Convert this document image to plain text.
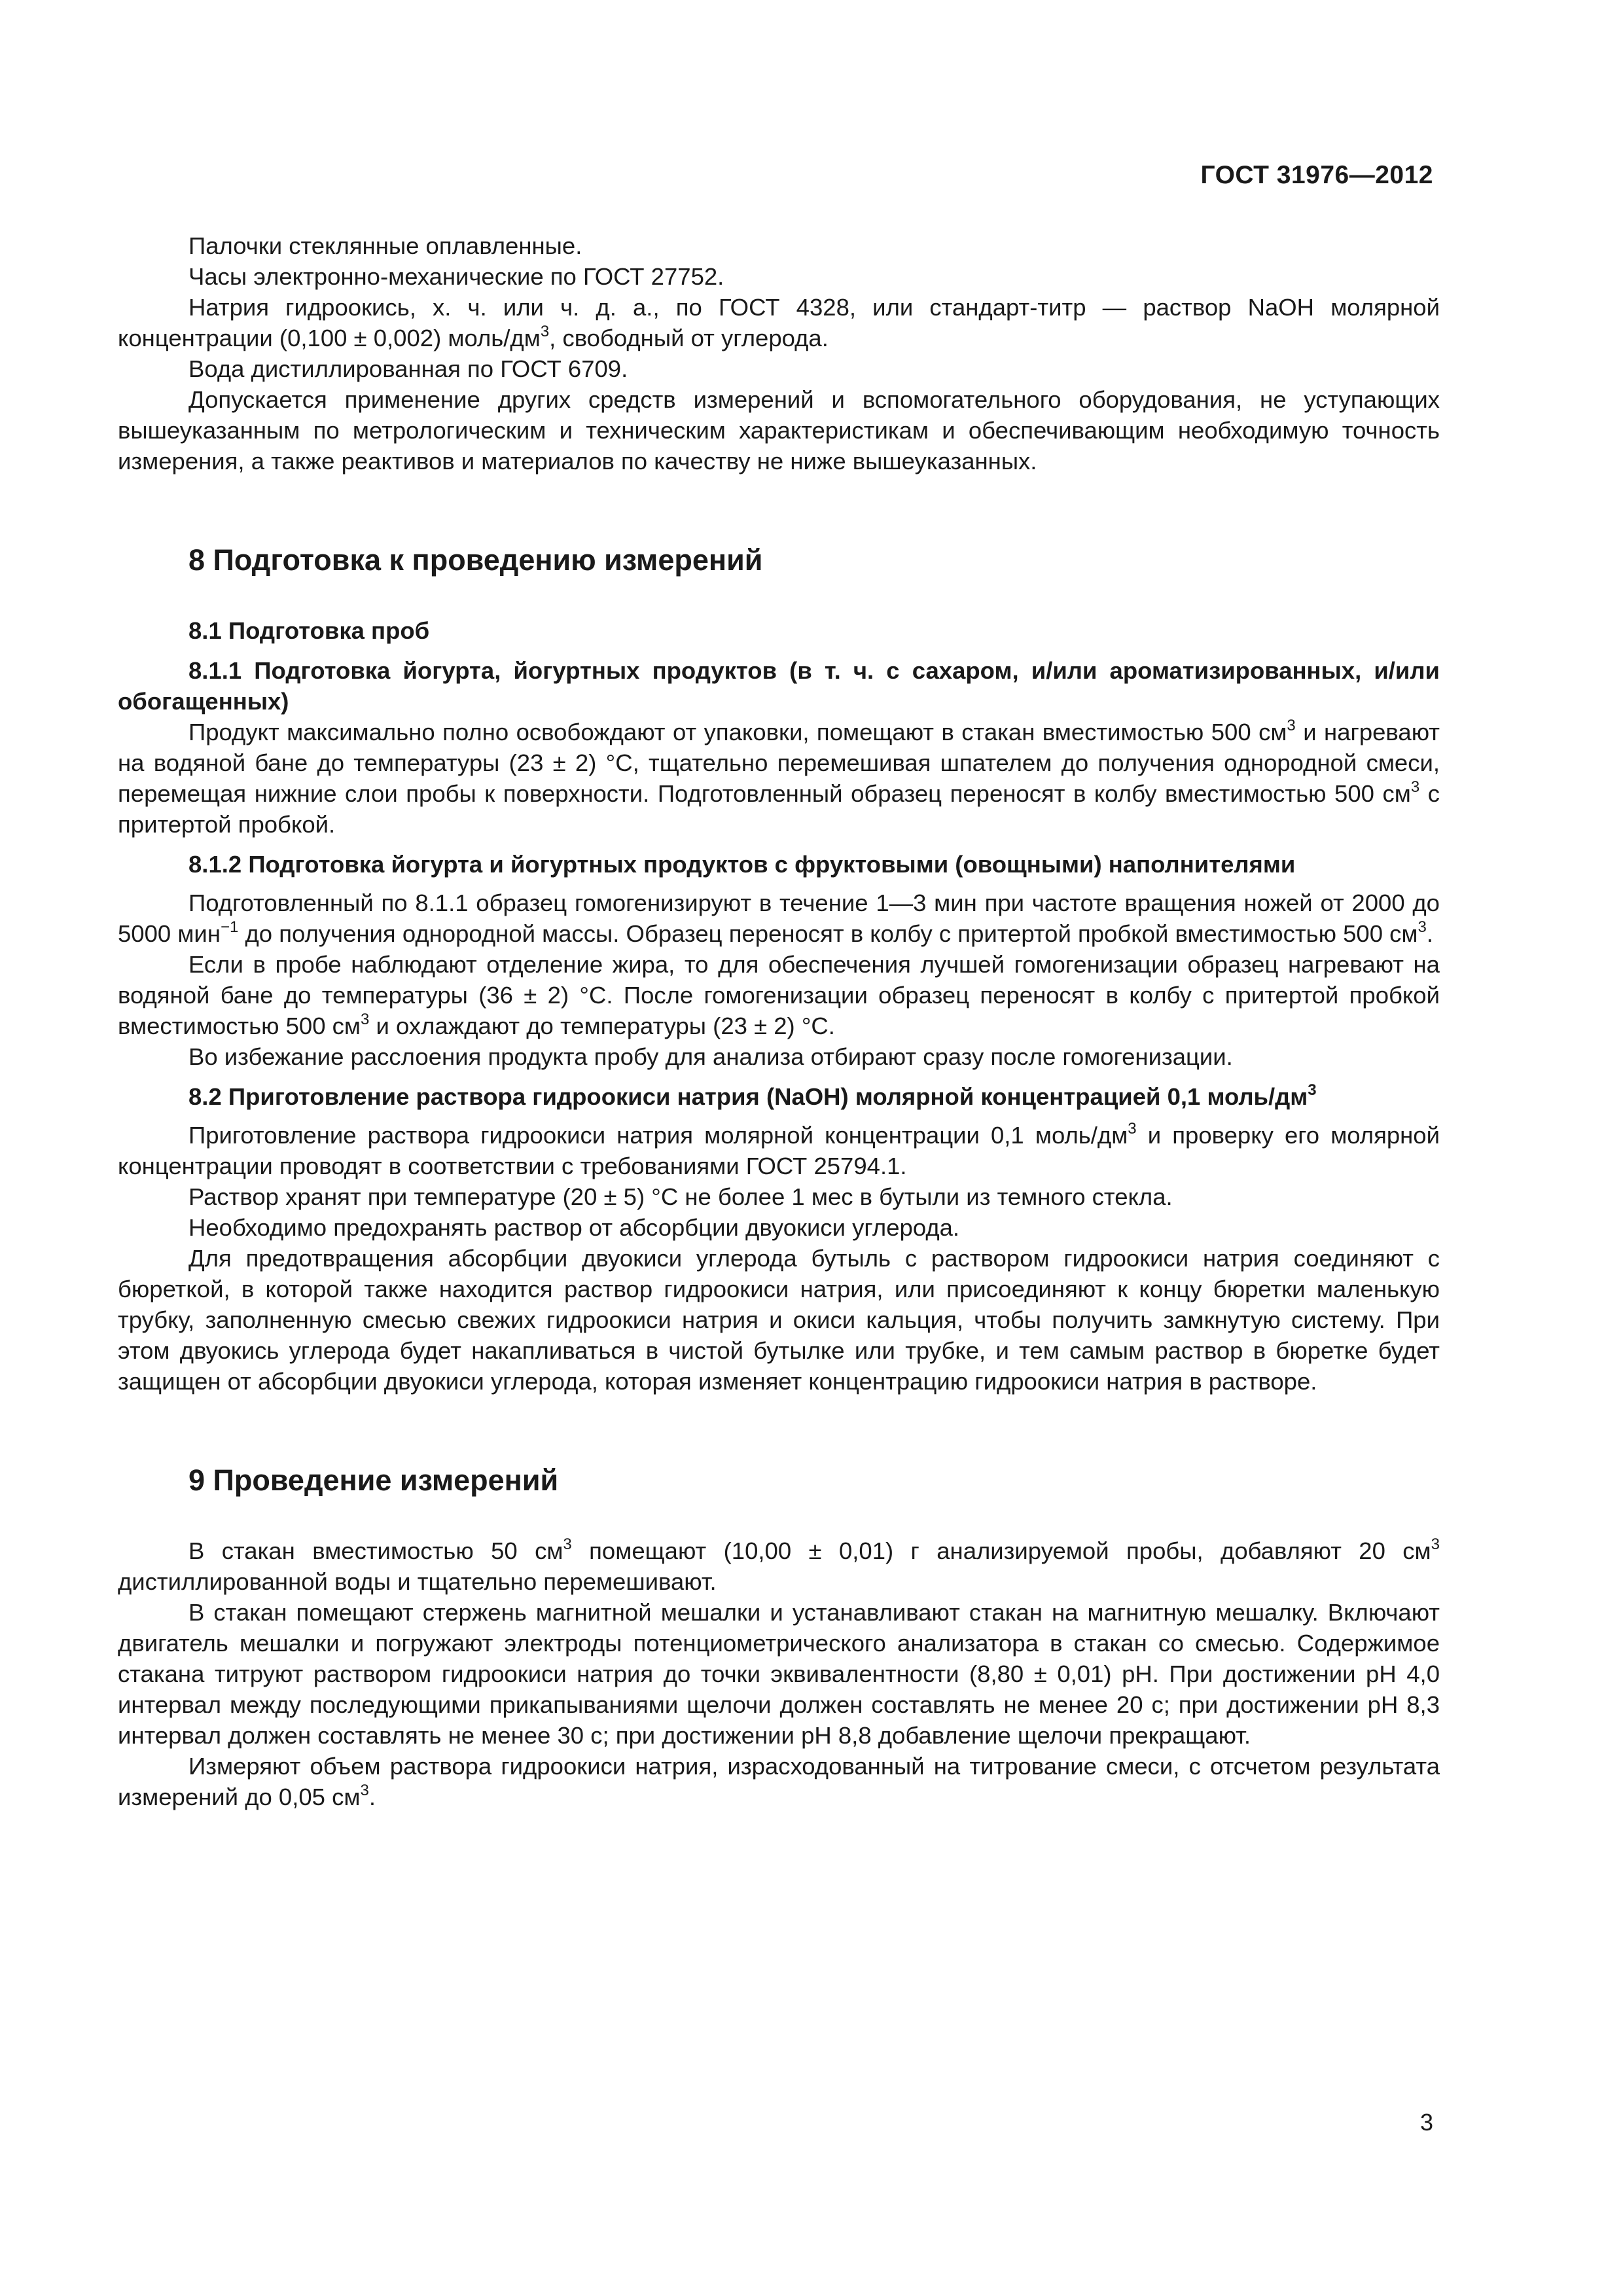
ГОСТ 31976—2012

Палочки стеклянные оплавленные.

Часы электронно-механические по ГОСТ 27752.

Натрия гидроокись, х. ч. или ч. д. а., по ГОСТ 4328, или стандарт-титр — раствор NaOH молярной концентрации (0,100 ± 0,002) моль/$дм^3$, свободный от углерода.

Вода дистиллированная по ГОСТ 6709.

Допускается применение других средств измерений и вспомогательного оборудования, не уступающих вышеуказанным по метрологическим и техническим характеристикам и обеспечивающим необходимую точность измерения, а также реактивов и материалов по качеству не ниже вышеуказанных.

8 Подготовка к проведению измерений
8.1 Подготовка проб
8.1.1 Подготовка йогурта, йогуртных продуктов (в т. ч. с сахаром, и/или ароматизированных, и/или обогащенных)

Продукт максимально полно освобождают от упаковки, помещают в стакан вместимостью 500 $см^3$ и нагревают на водяной бане до температуры (23 ± 2) °С, тщательно перемешивая шпателем до получения однородной смеси, перемещая нижние слои пробы к поверхности. Подготовленный образец переносят в колбу вместимостью 500 $см^3$ с притертой пробкой.

8.1.2 Подготовка йогурта и йогуртных продуктов с фруктовыми (овощными) наполнителями

Подготовленный по 8.1.1 образец гомогенизируют в течение 1—3 мин при частоте вращения ножей от 2000 до 5000 мин$^{-1}$ до получения однородной массы. Образец переносят в колбу с притертой пробкой вместимостью 500 $см^3$.

Если в пробе наблюдают отделение жира, то для обеспечения лучшей гомогенизации образец нагревают на водяной бане до температуры (36 ± 2) °С. После гомогенизации образец переносят в колбу с притертой пробкой вместимостью 500 $см^3$ и охлаждают до температуры (23 ± 2) °С.

Во избежание расслоения продукта пробу для анализа отбирают сразу после гомогенизации.

8.2 Приготовление раствора гидроокиси натрия (NaOH) молярной концентрацией 0,1 моль/$дм^3$

Приготовление раствора гидроокиси натрия молярной концентрации 0,1 моль/$дм^3$ и проверку его молярной концентрации проводят в соответствии с требованиями ГОСТ 25794.1.

Раствор хранят при температуре (20 ± 5) °С не более 1 мес в бутыли из темного стекла.

Необходимо предохранять раствор от абсорбции двуокиси углерода.

Для предотвращения абсорбции двуокиси углерода бутыль с раствором гидроокиси натрия соединяют с бюреткой, в которой также находится раствор гидроокиси натрия, или присоединяют к концу бюретки маленькую трубку, заполненную смесью свежих гидроокиси натрия и окиси кальция, чтобы получить замкнутую систему. При этом двуокись углерода будет накапливаться в чистой бутылке или трубке, и тем самым раствор в бюретке будет защищен от абсорбции двуокиси углерода, которая изменяет концентрацию гидроокиси натрия в растворе.

9 Проведение измерений

В стакан вместимостью 50 $см^3$ помещают (10,00 ± 0,01) г анализируемой пробы, добавляют 20 $см^3$ дистиллированной воды и тщательно перемешивают.

В стакан помещают стержень магнитной мешалки и устанавливают стакан на магнитную мешалку. Включают двигатель мешалки и погружают электроды потенциометрического анализатора в стакан со смесью. Содержимое стакана титруют раствором гидроокиси натрия до точки эквивалентности (8,80 ± 0,01) pH. При достижении pH 4,0 интервал между последующими прикапываниями щелочи должен составлять не менее 20 с; при достижении pH 8,3 интервал должен составлять не менее 30 с; при достижении pH 8,8 добавление щелочи прекращают.

Измеряют объем раствора гидроокиси натрия, израсходованный на титрование смеси, с отсчетом результата измерений до 0,05 $см^3$.

3
